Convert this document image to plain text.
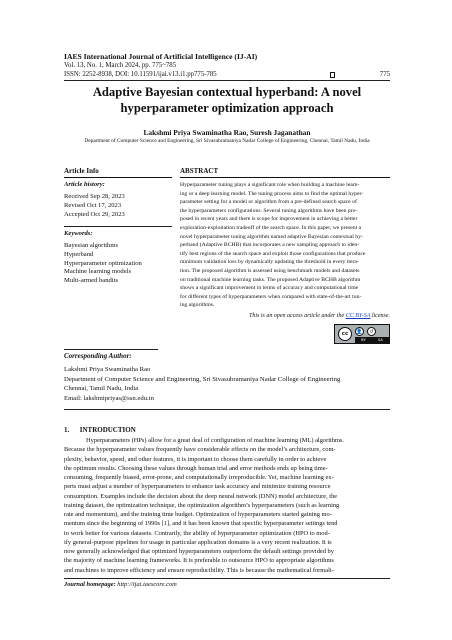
IAES International Journal of Artificial Intelligence (IJ-AI)
Vol. 13, No. 1, March 2024, pp. 775~785
ISSN: 2252-8938, DOI: 10.11591/ijai.v13.i1.pp775-785	775
Adaptive Bayesian contextual hyperband: A novel
hyperparameter optimization approach
Lakshmi Priya Swaminatha Rao, Suresh Jaganathan
Department of Computer Science and Engineering, Sri Sivasubramaniya Nadar College of Engineering, Chennai, Tamil Nadu, India
Article Info
Article history:
Received Sep 28, 2023
Revised Oct 17, 2023
Accepted Oct 29, 2023
Keywords:
Bayesian algorithms
Hyperband
Hyperparameter optimization
Machine learning models
Multi-armed bandits
ABSTRACT
Hyperparameter tuning plays a significant role when building a machine learn-
ing or a deep learning model. The tuning process aims to find the optimal hyper-
parameter setting for a model or algorithm from a pre-defined search space of
the hyperparameters configurations. Several tuning algorithms have been pro-
posed in recent years and there is scope for improvement in achieving a better
exploration-exploitation tradeoff of the search space. In this paper, we present a
novel hyperparameter tuning algorithm named adaptive Bayesian contextual hy-
perband (Adaptive BCHB) that incorporates a new sampling approach to iden-
tify best regions of the search space and exploit those configurations that produce
minimum validation loss by dynamically updating the threshold in every itera-
tion. The proposed algorithm is assessed using benchmark models and datasets
on traditional machine learning tasks. The proposed Adaptive BCHB algorithm
shows a significant improvement in terms of accuracy and computational time
for different types of hyperparameters when compared with state-of-the-art tun-
ing algorithms.
This is an open access article under the CC BY-SA license.
cc	👤	↺
BY	SA
Corresponding Author:
Lakshmi Priya Swaminatha Rao
Department of Computer Science and Engineering, Sri Sivasubramaniya Nadar College of Engineering
Chennai, Tamil Nadu, India
Email: lakshmipriyas@ssn.edu.in
1.      INTRODUCTION
Hyperparameters (HPs) allow for a great deal of configuration of machine learning (ML) algorithms.
Because the hyperparameter values frequently have considerable effects on the model’s architecture, com-
plexity, behavior, speed, and other features, it is important to choose them carefully in order to achieve
the optimum results. Choosing these values through human trial and error methods ends up being time-
consuming, frequently biased, error-prone, and computationally irreproducible. Yet, machine learning ex-
perts must adjust a number of hyperparameters to enhance task accuracy and minimize training resource
consumption. Examples include the decision about the deep neural network (DNN) model architecture, the
training dataset, the optimization technique, the optimization algorithm’s hyperparameters (such as learning
rate and momentum), and the training time budget. Optimization of hyperparameters started gaining mo-
mentum since the beginning of 1990s [1], and it has been known that specific hyperparameter settings tend
to work better for various datasets. Contrarily, the ability of hyperparameter optimization (HPO to mod-
ify general-purpose pipelines for usage in particular application domains is a very recent realization. It is
now generally acknowledged that optimized hyperparameters outperform the default settings provided by
the majority of machine learning frameworks. It is preferable to outsource HPO to appropriate algorithms
and machines to improve efficiency and ensure reproducibility. This is because the mathematical formali-
Journal homepage: http://ijai.iaescore.com
